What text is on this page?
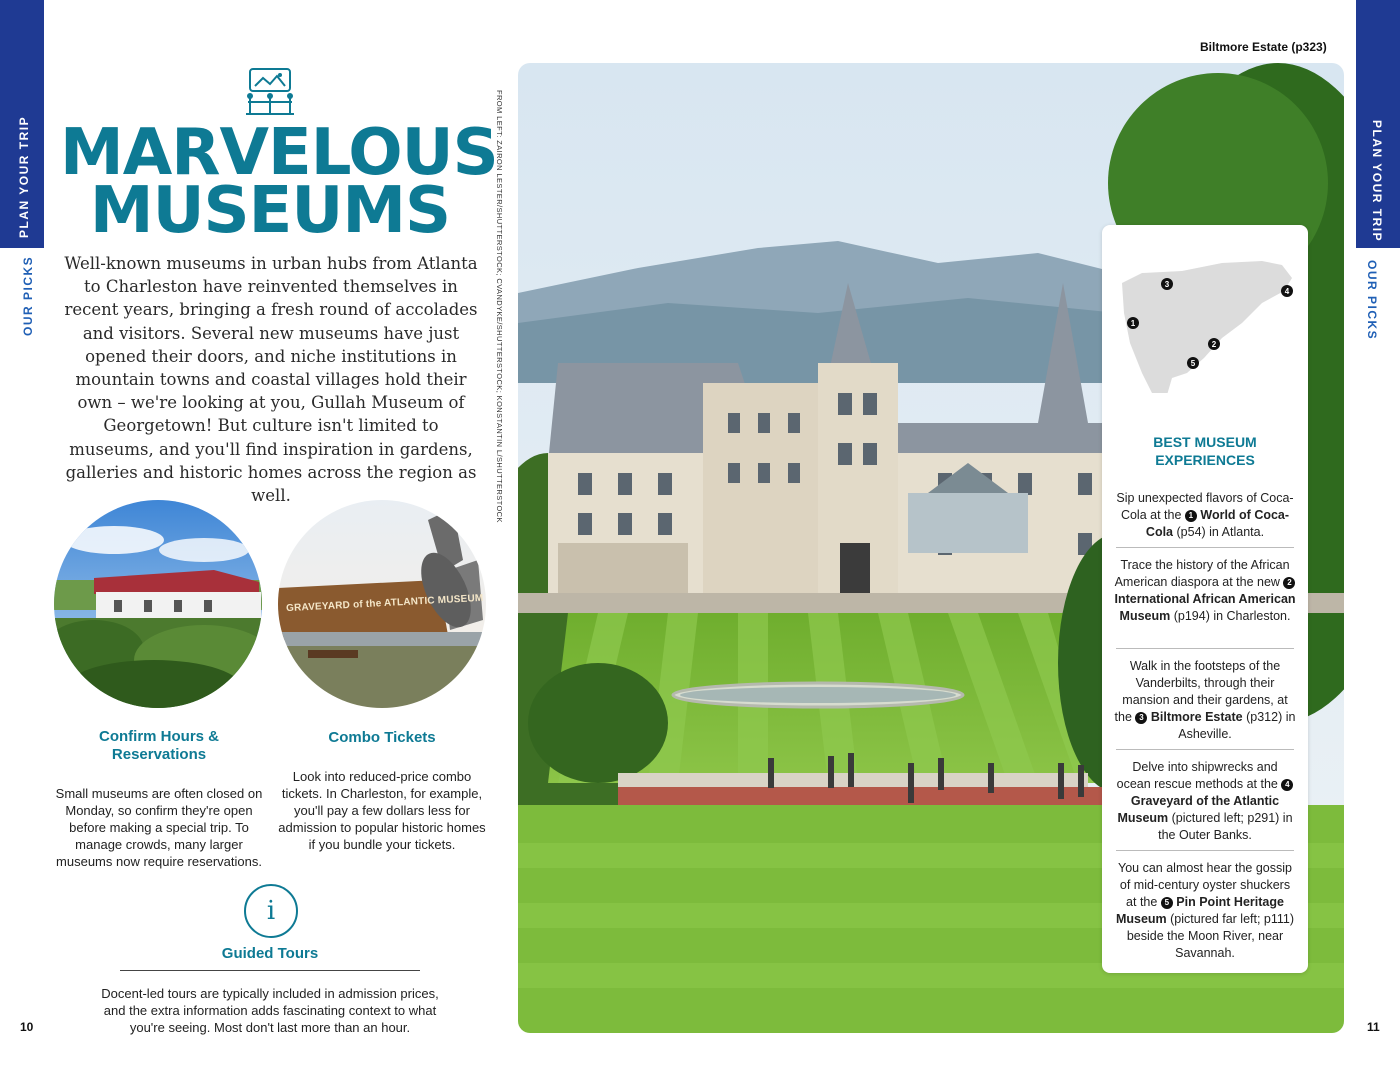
PLAN YOUR TRIP
OUR PICKS
PLAN YOUR TRIP
OUR PICKS
MARVELOUS
MUSEUMS

Well-known museums in urban hubs from Atlanta to Charleston have reinvented themselves in recent years, bringing a fresh round of accolades and visitors. Several new museums have just opened their doors, and niche institutions in mountain towns and coastal villages hold their own – we're looking at you, Gullah Museum of Georgetown! But culture isn't limited to museums, and you'll find inspiration in gardens, galleries and historic homes across the region as well.

GRAVEYARD of the ATLANTIC MUSEUM
Confirm Hours &
Reservations

Small museums are often closed on Monday, so confirm they're open before making a special trip. To manage crowds, many larger museums now require reservations.

Combo Tickets

Look into reduced-price combo tickets. In Charleston, for example, you'll pay a few dollars less for admission to popular historic homes if you bundle your tickets.

i
Guided Tours

Docent-led tours are typically included in admission prices, and the extra information adds fascinating context to what you're seeing. Most don't last more than an hour.

10	11
FROM LEFT: ZAIRON LESTER/SHUTTERSTOCK; CVANDYKE/SHUTTERSTOCK; KONSTANTIN L/SHUTTERSTOCK
Biltmore Estate (p323)
1
2
3
4
5
BEST MUSEUM
EXPERIENCES
Sip unexpected flavors of Coca-Cola at the 1 World of Coca-Cola (p54) in Atlanta.
Trace the history of the African American diaspora at the new 2 International African American Museum (p194) in Charleston.
Walk in the footsteps of the Vanderbilts, through their mansion and their gardens, at the 3 Biltmore Estate (p312) in Asheville.
Delve into shipwrecks and ocean rescue methods at the 4 Graveyard of the Atlantic Museum (pictured left; p291) in the Outer Banks.
You can almost hear the gossip of mid-century oyster shuckers at the 5 Pin Point Heritage Museum (pictured far left; p111) beside the Moon River, near Savannah.
